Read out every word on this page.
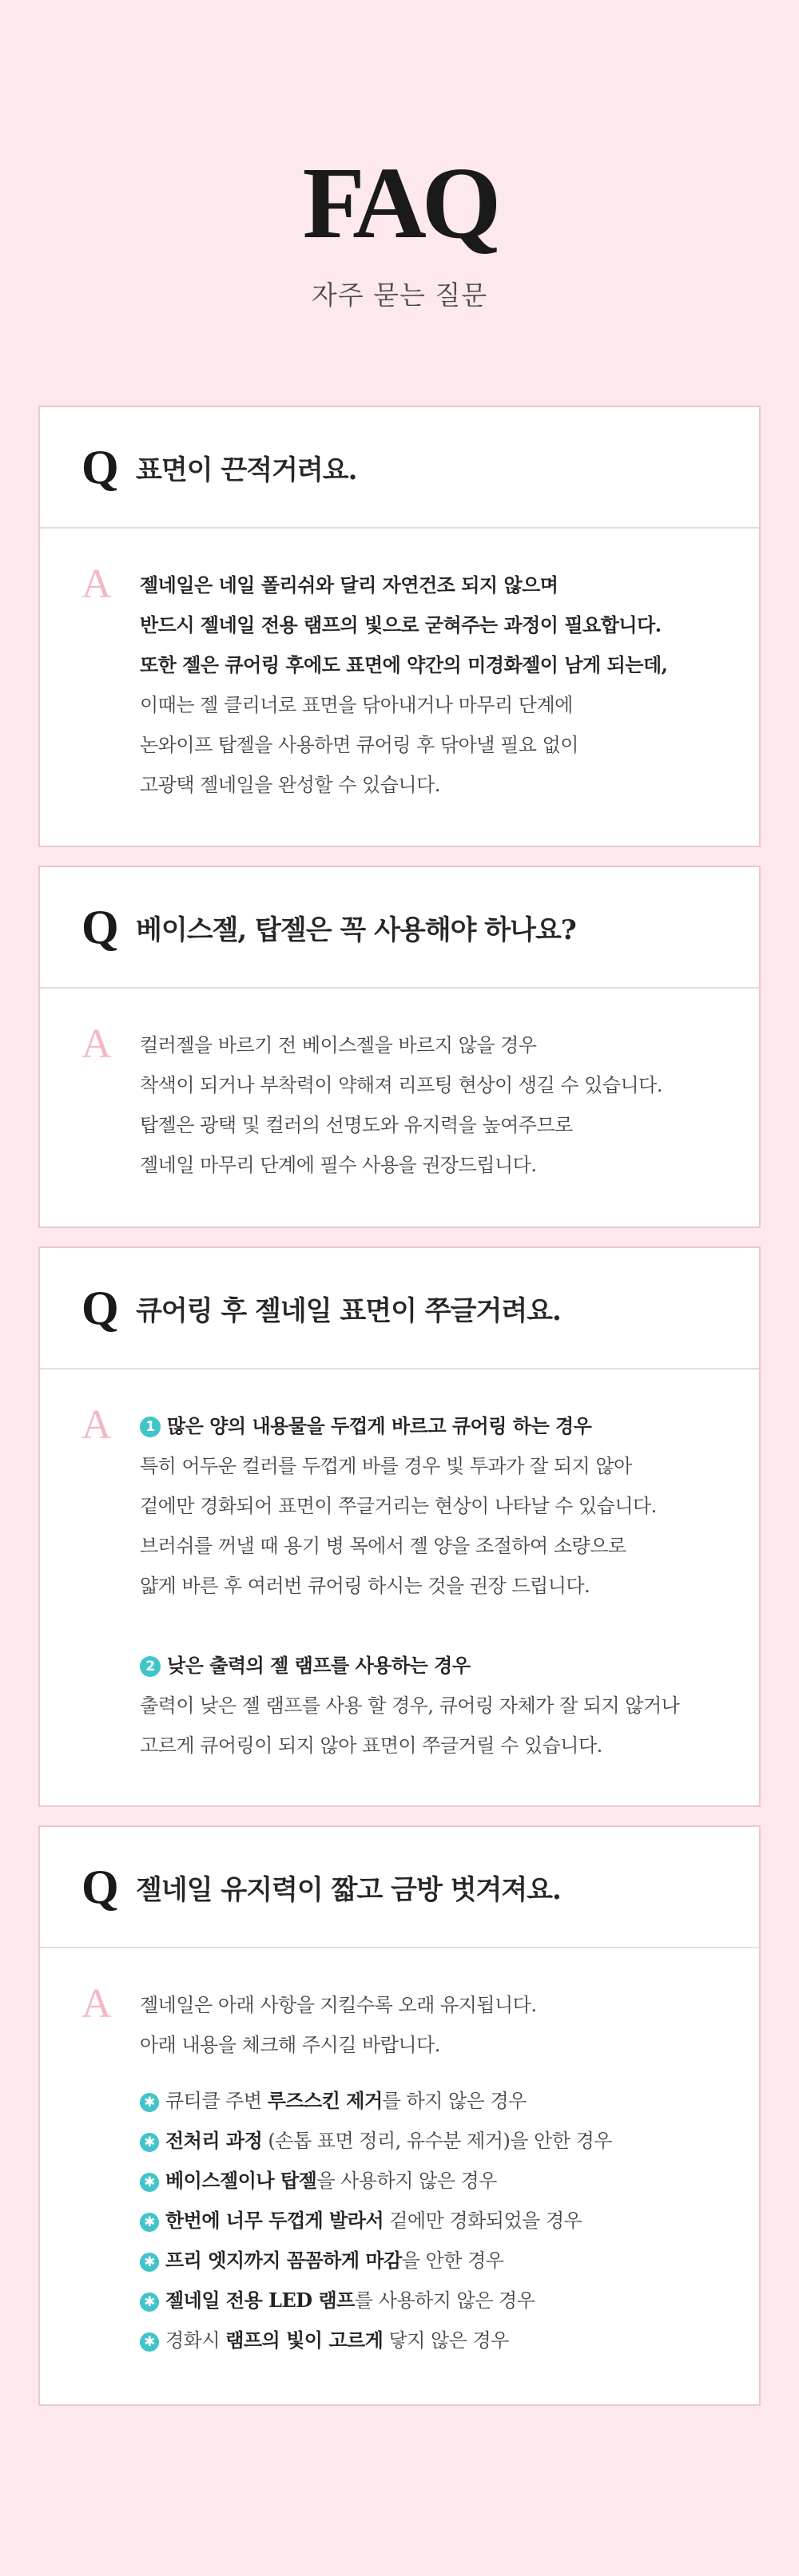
FAQ
자주 묻는 질문
Q 표면이 끈적거려요.
A 젤네일은 네일 폴리쉬와 달리 자연건조 되지 않으며
반드시 젤네일 전용 램프의 빛으로 굳혀주는 과정이 필요합니다.
또한 젤은 큐어링 후에도 표면에 약간의 미경화젤이 남게 되는데,
이때는 젤 클리너로 표면을 닦아내거나 마무리 단계에
논와이프 탑젤을 사용하면 큐어링 후 닦아낼 필요 없이
고광택 젤네일을 완성할 수 있습니다.
Q 베이스젤, 탑젤은 꼭 사용해야 하나요?
A 컬러젤을 바르기 전 베이스젤을 바르지 않을 경우
착색이 되거나 부착력이 약해져 리프팅 현상이 생길 수 있습니다.
탑젤은 광택 및 컬러의 선명도와 유지력을 높여주므로
젤네일 마무리 단계에 필수 사용을 권장드립니다.
Q 큐어링 후 젤네일 표면이 쭈글거려요.
A	1 많은 양의 내용물을 두껍게 바르고 큐어링 하는 경우
특히 어두운 컬러를 두껍게 바를 경우 빛 투과가 잘 되지 않아
겉에만 경화되어 표면이 쭈글거리는 현상이 나타날 수 있습니다.
브러쉬를 꺼낼 때 용기 병 목에서 젤 양을 조절하여 소량으로
얇게 바른 후 여러번 큐어링 하시는 것을 권장 드립니다.
2 낮은 출력의 젤 램프를 사용하는 경우
출력이 낮은 젤 램프를 사용 할 경우, 큐어링 자체가 잘 되지 않거나
고르게 큐어링이 되지 않아 표면이 쭈글거릴 수 있습니다.
Q 젤네일 유지력이 짧고 금방 벗겨져요.
A 젤네일은 아래 사항을 지킬수록 오래 유지됩니다.
아래 내용을 체크해 주시길 바랍니다.
✱ 큐티클 주변 루즈스킨 제거를 하지 않은 경우
✱ 전처리 과정 (손톱 표면 정리, 유수분 제거)을 안한 경우
✱ 베이스젤이나 탑젤을 사용하지 않은 경우
✱ 한번에 너무 두껍게 발라서 겉에만 경화되었을 경우
✱ 프리 엣지까지 꼼꼼하게 마감을 안한 경우
✱ 젤네일 전용 LED 램프를 사용하지 않은 경우
✱ 경화시 램프의 빛이 고르게 닿지 않은 경우
